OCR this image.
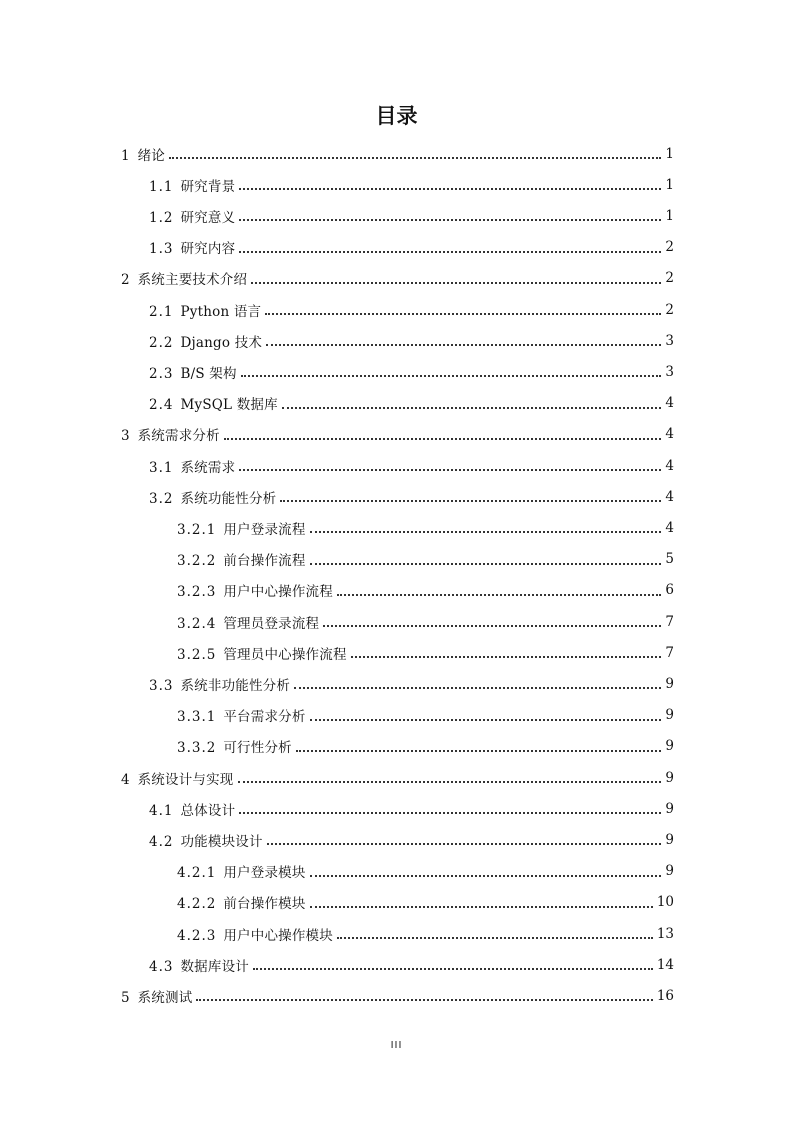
目录
1 绪论	1
1.1 研究背景	1
1.2 研究意义	1
1.3 研究内容	2
2 系统主要技术介绍	2
2.1 Python 语言	2
2.2 Django 技术	3
2.3 B/S 架构	3
2.4 MySQL 数据库	4
3 系统需求分析	4
3.1 系统需求	4
3.2 系统功能性分析	4
3.2.1 用户登录流程	4
3.2.2 前台操作流程	5
3.2.3 用户中心操作流程	6
3.2.4 管理员登录流程	7
3.2.5 管理员中心操作流程	7
3.3 系统非功能性分析	9
3.3.1 平台需求分析	9
3.3.2 可行性分析	9
4 系统设计与实现	9
4.1 总体设计	9
4.2 功能模块设计	9
4.2.1 用户登录模块	9
4.2.2 前台操作模块	10
4.2.3 用户中心操作模块	13
4.3 数据库设计	14
5 系统测试	16
III
